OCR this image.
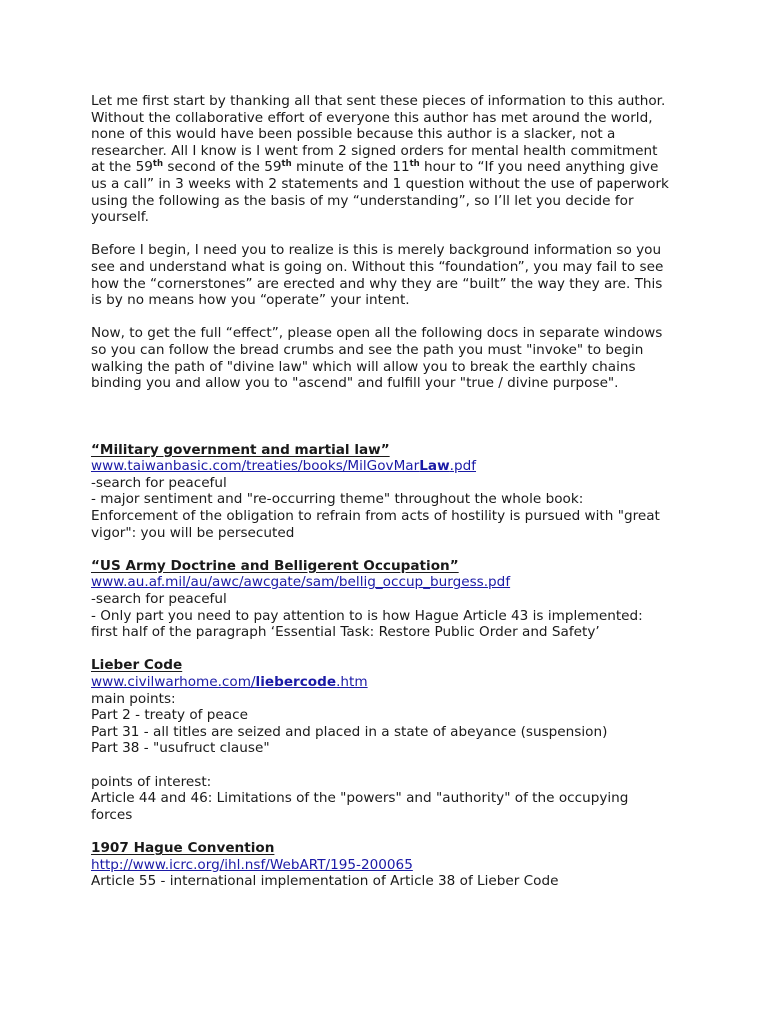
Let me first start by thanking all that sent these pieces of information to this author.

Without the collaborative effort of everyone this author has met around the world,

none of this would have been possible because this author is a slacker, not a

researcher. All I know is I went from 2 signed orders for mental health commitment

at the 59th second of the 59th minute of the 11th hour to “If you need anything give

us a call” in 3 weeks with 2 statements and 1 question without the use of paperwork

using the following as the basis of my “understanding”, so I’ll let you decide for

yourself.

Before I begin, I need you to realize is this is merely background information so you

see and understand what is going on. Without this “foundation”, you may fail to see

how the “cornerstones” are erected and why they are “built” the way they are. This

is by no means how you “operate” your intent.

Now, to get the full “effect”, please open all the following docs in separate windows

so you can follow the bread crumbs and see the path you must "invoke" to begin

walking the path of "divine law" which will allow you to break the earthly chains

binding you and allow you to "ascend" and fulfill your "true / divine purpose".

“Military government and martial law”

www.taiwanbasic.com/treaties/books/MilGovMarLaw.pdf

-search for peaceful

- major sentiment and "re-occurring theme" throughout the whole book:

Enforcement of the obligation to refrain from acts of hostility is pursued with "great

vigor": you will be persecuted

“US Army Doctrine and Belligerent Occupation”

www.au.af.mil/au/awc/awcgate/sam/bellig_occup_burgess.pdf

-search for peaceful

- Only part you need to pay attention to is how Hague Article 43 is implemented:

first half of the paragraph ‘Essential Task: Restore Public Order and Safety’

Lieber Code

www.civilwarhome.com/liebercode.htm

main points:

Part 2 - treaty of peace

Part 31 - all titles are seized and placed in a state of abeyance (suspension)

Part 38 - "usufruct clause"

points of interest:

Article 44 and 46: Limitations of the "powers" and "authority" of the occupying

forces

1907 Hague Convention

http://www.icrc.org/ihl.nsf/WebART/195-200065

Article 55 - international implementation of Article 38 of Lieber Code
